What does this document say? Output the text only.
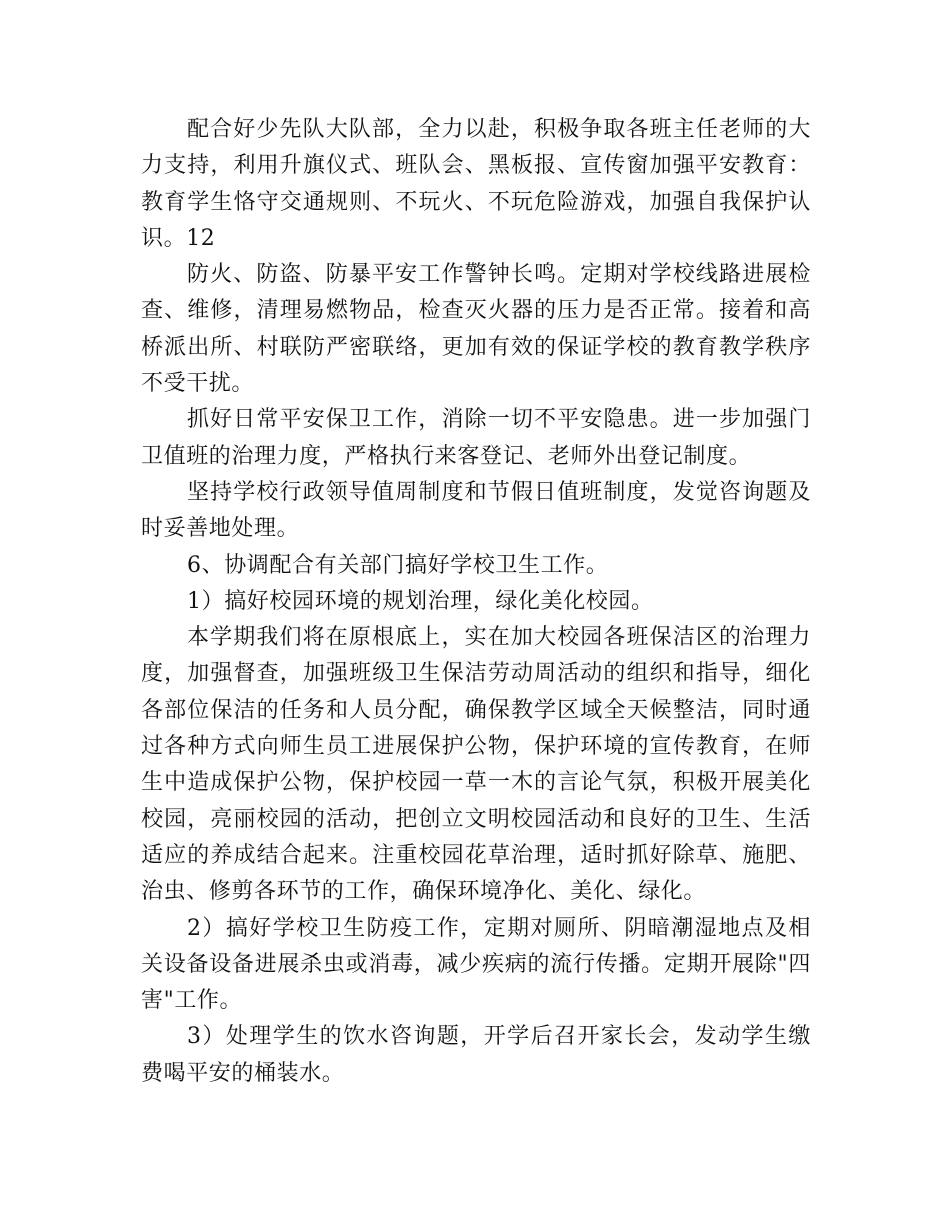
配合好少先队大队部，全力以赴，积极争取各班主任老师的大力支持，利用升旗仪式、班队会、黑板报、宣传窗加强平安教育：教育学生恪守交通规则、不玩火、不玩危险游戏，加强自我保护认识。12

防火、防盗、防暴平安工作警钟长鸣。定期对学校线路进展检查、维修，清理易燃物品，检查灭火器的压力是否正常。接着和高桥派出所、村联防严密联络，更加有效的保证学校的教育教学秩序不受干扰。

抓好日常平安保卫工作，消除一切不平安隐患。进一步加强门卫值班的治理力度，严格执行来客登记、老师外出登记制度。

坚持学校行政领导值周制度和节假日值班制度，发觉咨询题及时妥善地处理。

6、协调配合有关部门搞好学校卫生工作。

1）搞好校园环境的规划治理，绿化美化校园。

本学期我们将在原根底上，实在加大校园各班保洁区的治理力度，加强督查，加强班级卫生保洁劳动周活动的组织和指导，细化各部位保洁的任务和人员分配，确保教学区域全天候整洁，同时通过各种方式向师生员工进展保护公物，保护环境的宣传教育，在师生中造成保护公物，保护校园一草一木的言论气氛，积极开展美化校园，亮丽校园的活动，把创立文明校园活动和良好的卫生、生活适应的养成结合起来。注重校园花草治理，适时抓好除草、施肥、治虫、修剪各环节的工作，确保环境净化、美化、绿化。

2）搞好学校卫生防疫工作，定期对厕所、阴暗潮湿地点及相关设备设备进展杀虫或消毒，减少疾病的流行传播。定期开展除"四害"工作。

3）处理学生的饮水咨询题，开学后召开家长会，发动学生缴费喝平安的桶装水。
